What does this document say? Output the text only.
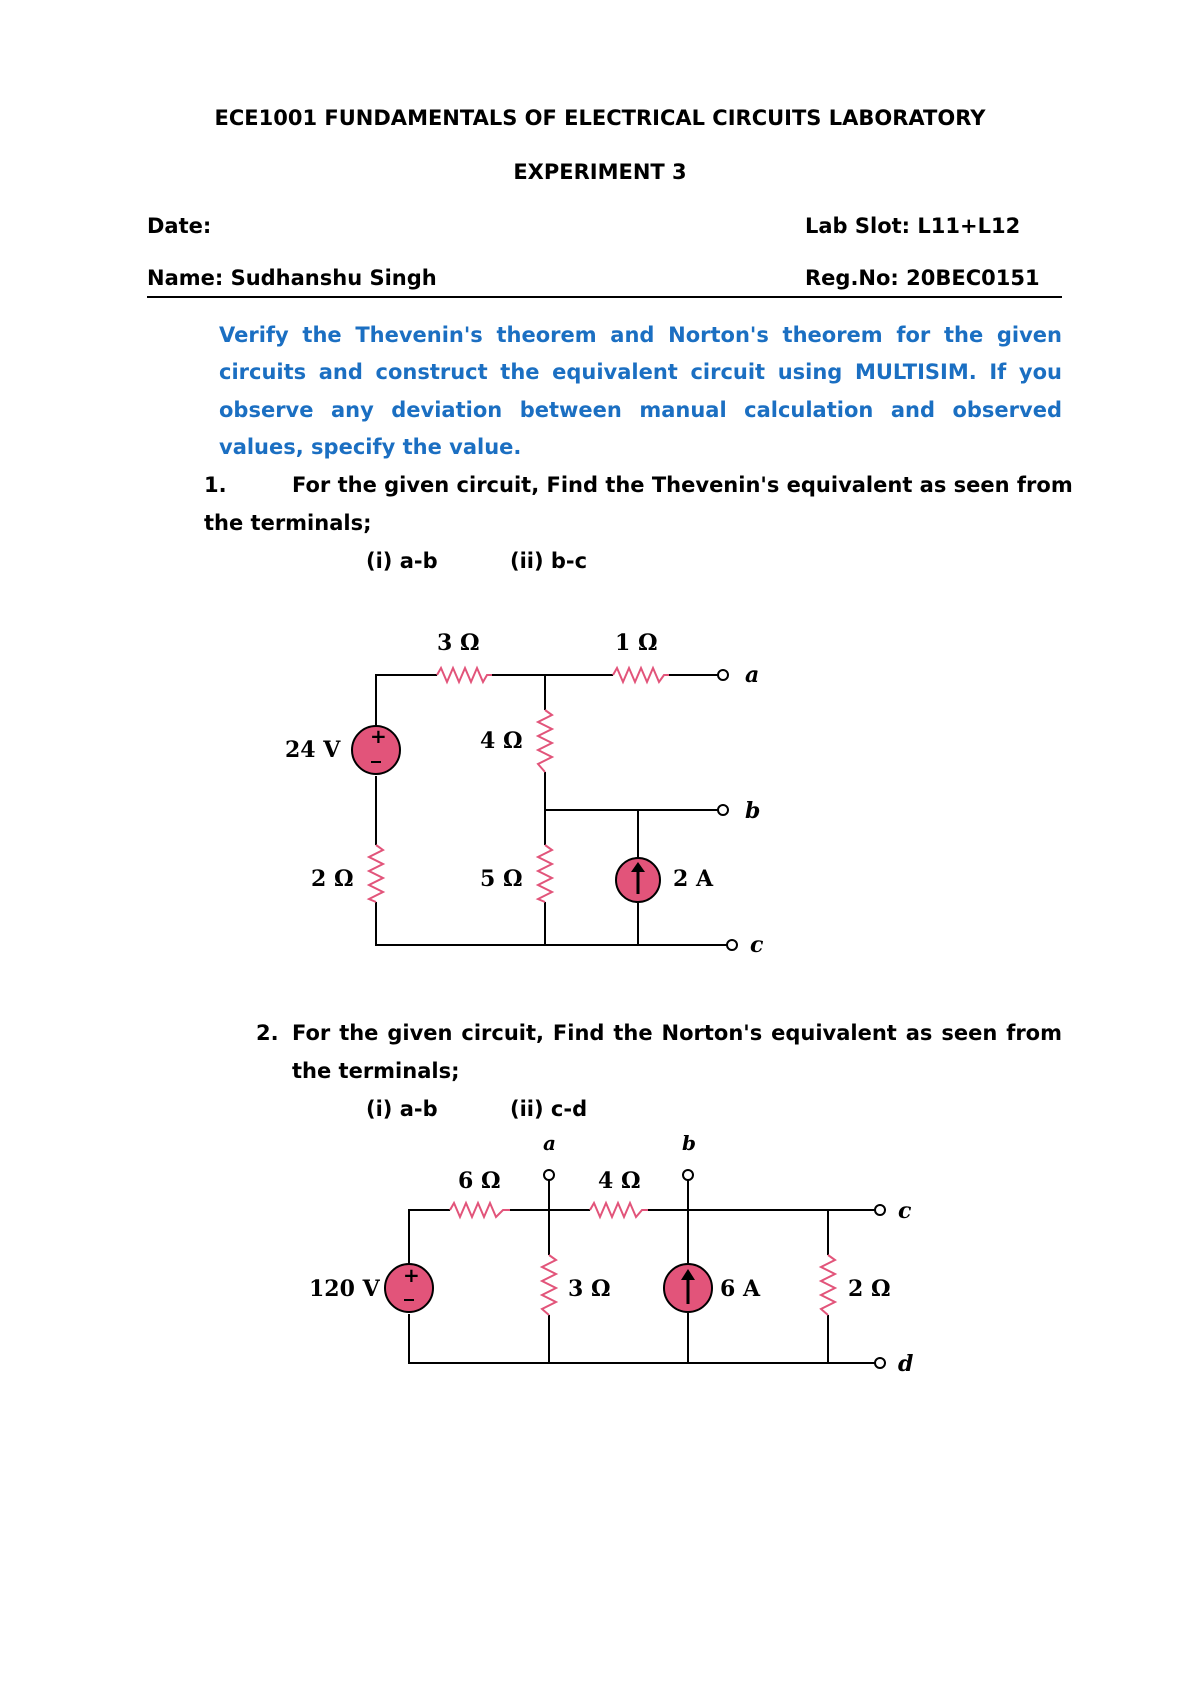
ECE1001 FUNDAMENTALS OF ELECTRICAL CIRCUITS LABORATORY
EXPERIMENT 3
Date:	Lab Slot: L11+L12
Name: Sudhanshu Singh	Reg.No: 20BEC0151
Verify the Thevenin's theorem and Norton's theorem for the given
circuits and construct the equivalent circuit using MULTISIM. If you
observe any deviation between manual calculation and observed
values, specify the value.
1.	For the given circuit, Find the Thevenin's equivalent as seen from
the terminals;
(i) a-b	(ii) b-c
+
3 Ω	1 Ω
24 V	4 Ω
2 Ω	5 Ω	2 A
a
b
c
2. For the given circuit, Find the Norton's equivalent as seen from
the terminals;
(i) a-b	(ii) c-d
+
a	b
6 Ω	4 Ω
120 V	3 Ω	6 A	2 Ω
c
d
